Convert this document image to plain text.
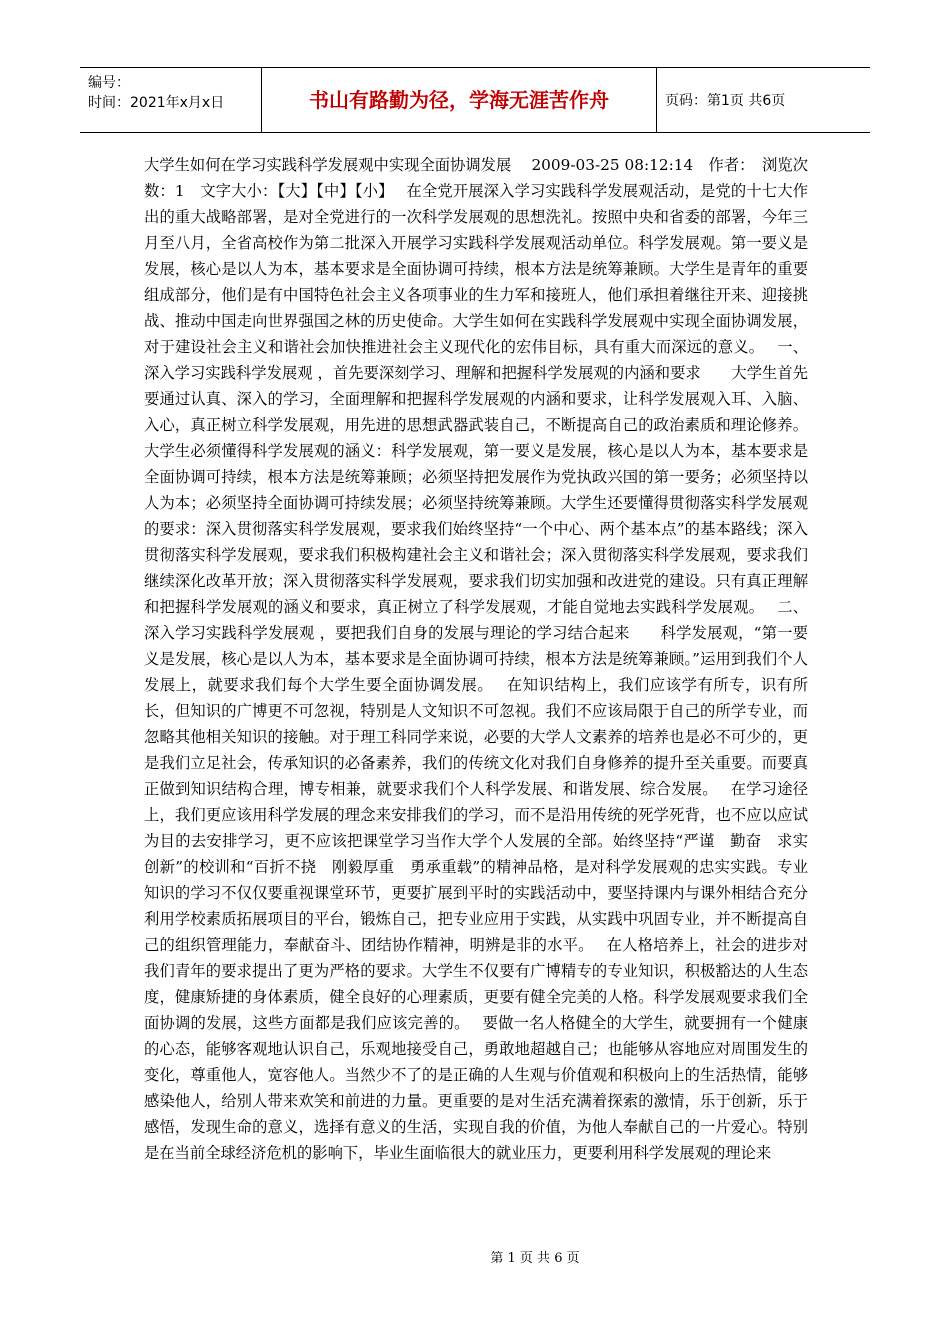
编号：
时间：2021年x月x日	书山有路勤为径，学海无涯苦作舟	页码：第1页 共6页

大学生如何在学习实践科学发展观中实现全面协调发展　 2009-03-25 08:12:14　作者：　浏览次数：1　文字大小：【大】【中】【小】　 在全党开展深入学习实践科学发展观活动，是党的十七大作出的重大战略部署，是对全党进行的一次科学发展观的思想洗礼。按照中央和省委的部署，今年三月至八月，全省高校作为第二批深入开展学习实践科学发展观活动单位。科学发展观。第一要义是发展，核心是以人为本，基本要求是全面协调可持续，根本方法是统筹兼顾。大学生是青年的重要组成部分，他们是有中国特色社会主义各项事业的生力军和接班人，他们承担着继往开来、迎接挑战、推动中国走向世界强国之林的历史使命。大学生如何在实践科学发展观中实现全面协调发展，对于建设社会主义和谐社会加快推进社会主义现代化的宏伟目标，具有重大而深远的意义。　 一、深入学习实践科学发展观 ，首先要深刻学习、理解和把握科学发展观的内涵和要求　　大学生首先要通过认真、深入的学习，全面理解和把握科学发展观的内涵和要求，让科学发展观入耳、入脑、入心，真正树立科学发展观，用先进的思想武器武装自己，不断提高自己的政治素质和理论修养。大学生必须懂得科学发展观的涵义：科学发展观，第一要义是发展，核心是以人为本，基本要求是全面协调可持续，根本方法是统筹兼顾；必须坚持把发展作为党执政兴国的第一要务；必须坚持以人为本；必须坚持全面协调可持续发展；必须坚持统筹兼顾。大学生还要懂得贯彻落实科学发展观的要求：深入贯彻落实科学发展观，要求我们始终坚持“一个中心、两个基本点”的基本路线；深入贯彻落实科学发展观，要求我们积极构建社会主义和谐社会；深入贯彻落实科学发展观，要求我们继续深化改革开放；深入贯彻落实科学发展观，要求我们切实加强和改进党的建设。只有真正理解和把握科学发展观的涵义和要求，真正树立了科学发展观，才能自觉地去实践科学发展观。　 二、深入学习实践科学发展观 ，要把我们自身的发展与理论的学习结合起来　　科学发展观，“第一要义是发展，核心是以人为本，基本要求是全面协调可持续，根本方法是统筹兼顾。”运用到我们个人发展上，就要求我们每个大学生要全面协调发展。　 在知识结构上，我们应该学有所专，识有所长，但知识的广博更不可忽视，特别是人文知识不可忽视。我们不应该局限于自己的所学专业，而忽略其他相关知识的接触。对于理工科同学来说，必要的大学人文素养的培养也是必不可少的，更是我们立足社会，传承知识的必备素养，我们的传统文化对我们自身修养的提升至关重要。而要真正做到知识结构合理，博专相兼，就要求我们个人科学发展、和谐发展、综合发展。　 在学习途径上，我们更应该用科学发展的理念来安排我们的学习，而不是沿用传统的死学死背，也不应以应试为目的去安排学习，更不应该把课堂学习当作大学个人发展的全部。始终坚持“严谨　勤奋　求实　创新”的校训和“百折不挠　刚毅厚重　勇承重载”的精神品格，是对科学发展观的忠实实践。专业知识的学习不仅仅要重视课堂环节，更要扩展到平时的实践活动中，要坚持课内与课外相结合充分利用学校素质拓展项目的平台，锻炼自己，把专业应用于实践，从实践中巩固专业，并不断提高自己的组织管理能力，奉献奋斗、团结协作精神，明辨是非的水平。　 在人格培养上，社会的进步对我们青年的要求提出了更为严格的要求。大学生不仅要有广博精专的专业知识，积极豁达的人生态度，健康矫捷的身体素质，健全良好的心理素质，更要有健全完美的人格。科学发展观要求我们全面协调的发展，这些方面都是我们应该完善的。　 要做一名人格健全的大学生，就要拥有一个健康的心态，能够客观地认识自己，乐观地接受自己，勇敢地超越自己；也能够从容地应对周围发生的变化，尊重他人，宽容他人。当然少不了的是正确的人生观与价值观和积极向上的生活热情，能够感染他人，给别人带来欢笑和前进的力量。更重要的是对生活充满着探索的激情，乐于创新，乐于感悟，发现生命的意义，选择有意义的生活，实现自我的价值，为他人奉献自己的一片爱心。特别是在当前全球经济危机的影响下，毕业生面临很大的就业压力，更要利用科学发展观的理论来

第 1 页 共 6 页
